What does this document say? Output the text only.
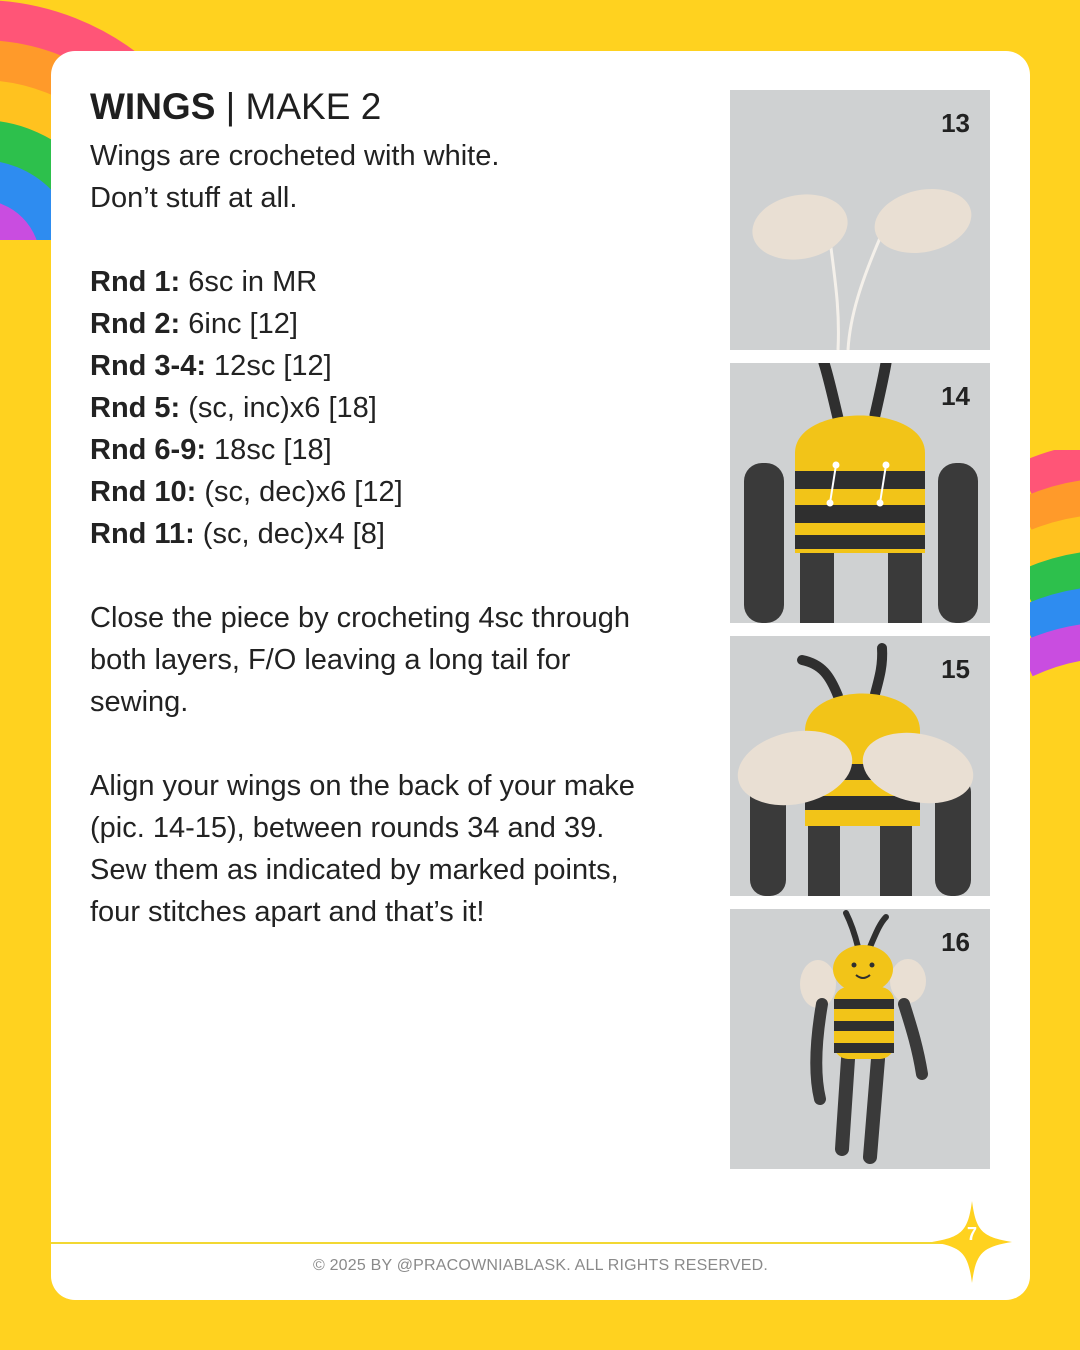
WINGS | MAKE 2
Wings are crocheted with white.
Don’t stuff at all.
Rnd 1: 6sc in MR
Rnd 2: 6inc [12]
Rnd 3-4: 12sc [12]
Rnd 5: (sc, inc)x6 [18]
Rnd 6-9: 18sc [18]
Rnd 10: (sc, dec)x6 [12]
Rnd 11: (sc, dec)x4 [8]
Close the piece by crocheting 4sc through
both layers, F/O leaving a long tail for
sewing.
Align your wings on the back of your make
(pic. 14-15), between rounds 34 and 39.
Sew them as indicated by marked points,
four stitches apart and that’s it!
13
14
15
16
© 2025 BY @PRACOWNIABLASK. ALL RIGHTS RESERVED.
7
